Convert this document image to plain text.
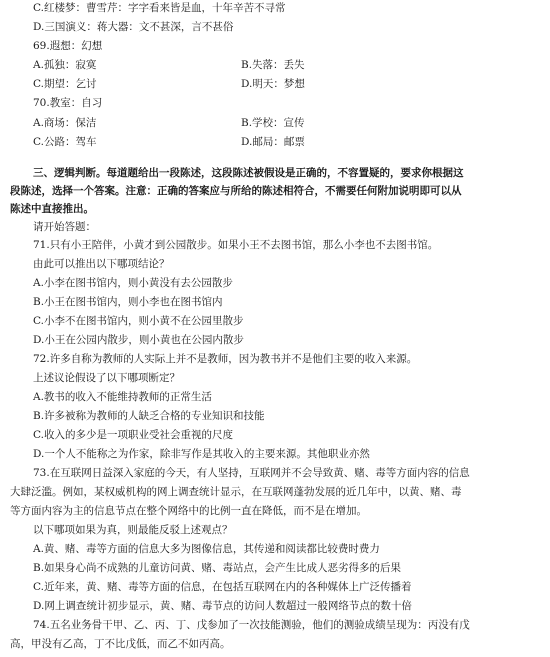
C.红楼梦：曹雪芹：字字看来皆是血，十年辛苦不寻常
D.三国演义：蒋大器：文不甚深，言不甚俗
69.遐想：幻想
A.孤独：寂寞	B.失落：丢失
C.期望：乞讨	D.明天：梦想
70.教室：自习
A.商场：保洁	B.学校：宣传
C.公路：驾车	D.邮局：邮票
三、逻辑判断。每道题给出一段陈述，这段陈述被假设是正确的，不容置疑的，要求你根据这
段陈述，选择一个答案。注意：正确的答案应与所给的陈述相符合，不需要任何附加说明即可以从
陈述中直接推出。
请开始答题：
71.只有小王陪伴，小黄才到公园散步。如果小王不去图书馆，那么小李也不去图书馆。
由此可以推出以下哪项结论？
A.小李在图书馆内，则小黄没有去公园散步
B.小王在图书馆内，则小李也在图书馆内
C.小李不在图书馆内，则小黄不在公园里散步
D.小王在公园内散步，则小黄也在公园内散步
72.许多自称为教师的人实际上并不是教师，因为教书并不是他们主要的收入来源。
上述议论假设了以下哪项断定？
A.教书的收入不能维持教师的正常生活
B.许多被称为教师的人缺乏合格的专业知识和技能
C.收入的多少是一项职业受社会重视的尺度
D.一个人不能称之为作家，除非写作是其收入的主要来源。其他职业亦然
73.在互联网日益深入家庭的今天，有人坚持，互联网并不会导致黄、赌、毒等方面内容的信息
大肆泛滥。例如，某权威机构的网上调查统计显示，在互联网蓬勃发展的近几年中，以黄、赌、毒
等方面内容为主的信息节点在整个网络中的比例一直在降低，而不是在增加。
以下哪项如果为真，则最能反驳上述观点？
A.黄、赌、毒等方面的信息大多为图像信息，其传递和阅读都比较费时费力
B.如果身心尚不成熟的儿童访问黄、赌、毒站点，会产生比成人恶劣得多的后果
C.近年来，黄、赌、毒等方面的信息，在包括互联网在内的各种媒体上广泛传播着
D.网上调查统计初步显示，黄、赌、毒节点的访问人数超过一般网络节点的数十倍
74.五名业务骨干甲、乙、丙、丁、戊参加了一次技能测验，他们的测验成绩呈现为：丙没有戊
高，甲没有乙高，丁不比戊低，而乙不如丙高。
